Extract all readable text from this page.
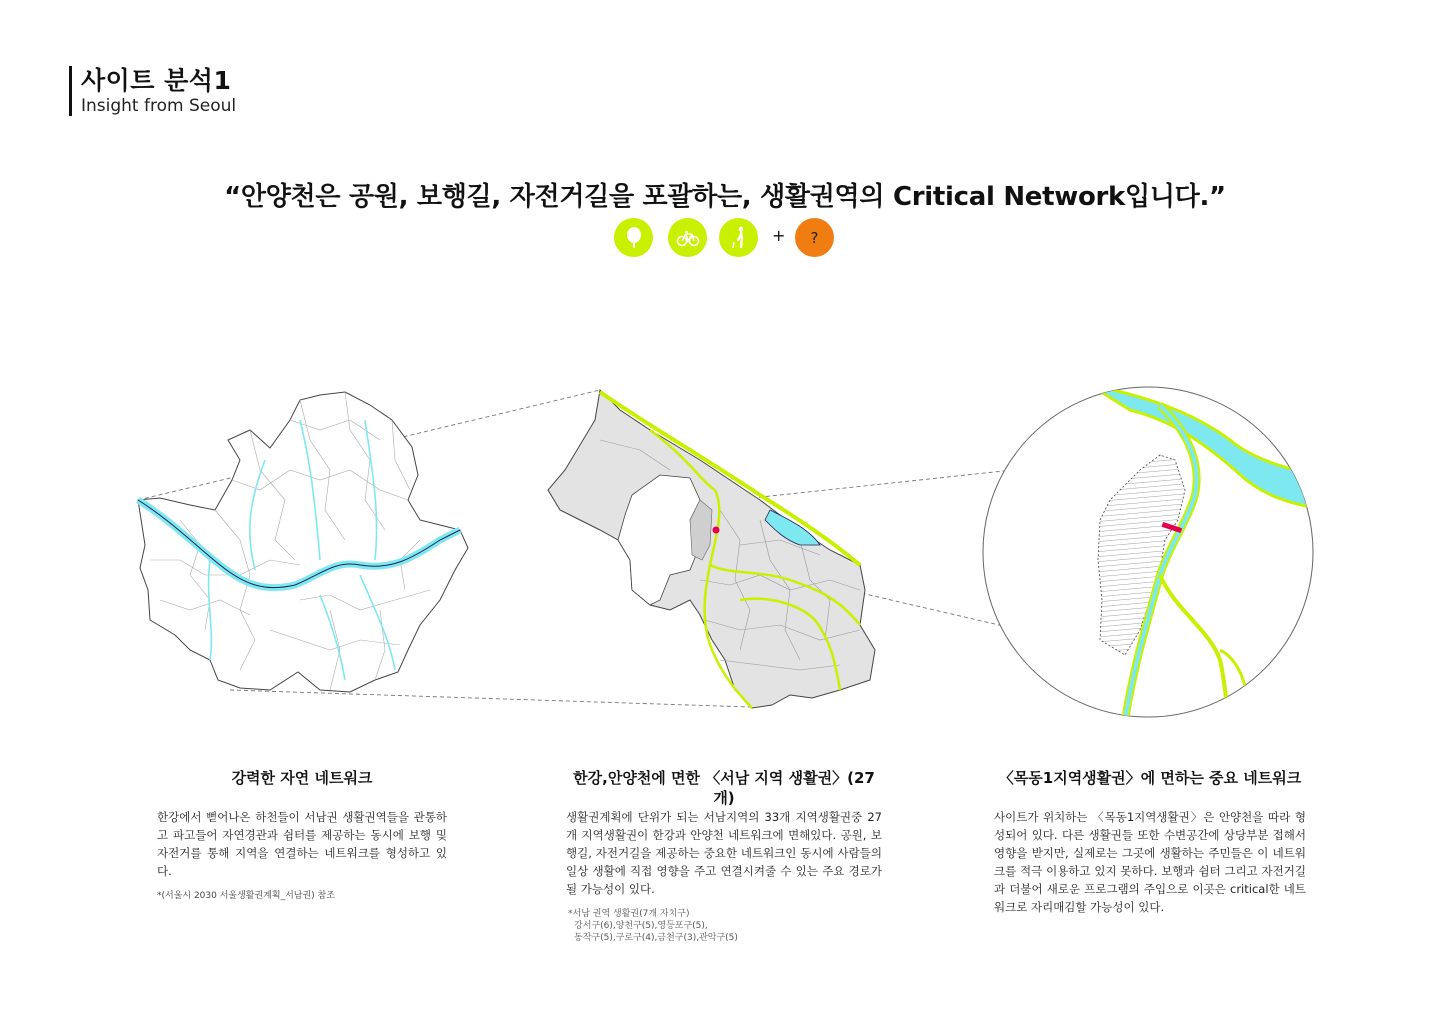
사이트 분석1
Insight from Seoul
“안양천은 공원, 보행길, 자전거길을 포괄하는, 생활권역의 Critical Network입니다.”
+	?
강력한 자연 네트워크

한강에서 뻗어나온 하천들이 서남권 생활권역들을 관통하고 파고들어 자연경관과 쉼터를 제공하는 동시에 보행 및 자전거를 통해 지역을 연결하는 네트워크를 형성하고 있다.

*(서울시 2030 서울생활권계획_서남권) 참조
한강,안양천에 면한 〈서남 지역 생활권〉(27개)

생활권계획에 단위가 되는 서남지역의 33개 지역생활권중 27개 지역생활권이 한강과 안양천 네트워크에 면해있다. 공원, 보행길, 자전거길을 제공하는 중요한 네트워크인 동시에 사람들의 일상 생활에 직접 영향을 주고 연결시켜줄 수 있는 주요 경로가 될 가능성이 있다.

*서남 권역 생활권(7개 자치구)
강서구(6),양천구(5),영등포구(5),
동작구(5),구로구(4),금천구(3),관악구(5)
〈목동1지역생활권〉에 면하는 중요 네트워크

사이트가 위치하는 〈목동1지역생활권〉은 안양천을 따라 형성되어 있다. 다른 생활권들 또한 수변공간에 상당부분 접해서 영향을 받지만, 실제로는 그곳에 생활하는 주민들은 이 네트워크를 적극 이용하고 있지 못하다. 보행과 쉼터 그리고 자전거길과 더불어 새로운 프로그램의 주입으로 이곳은 critical한 네트워크로 자리매김할 가능성이 있다.
